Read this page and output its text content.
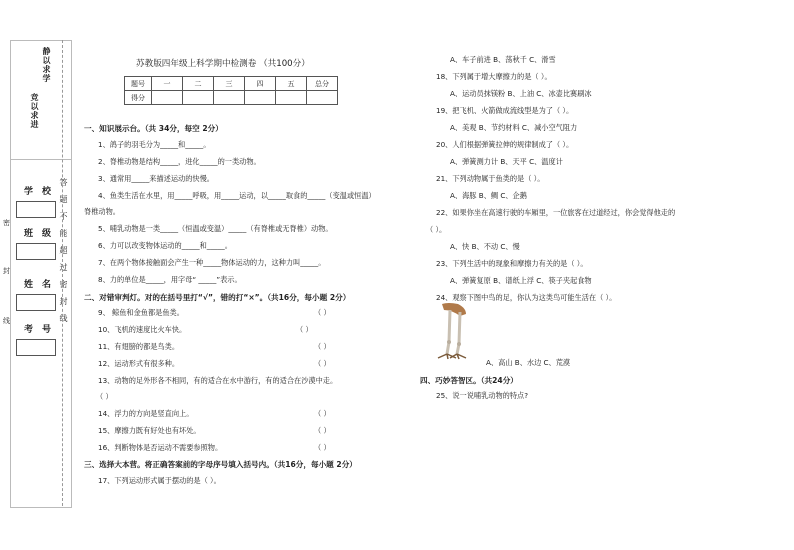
静以求学
竞以求进
学　校
班　级
姓　名
考　号
密
封
线	答题不能超过密封线
苏教版四年级上科学期中检测卷 （共100分）
题号	一	二	三	四	五	总分
得分						
一、知识展示台。（共 34分，每空 2分）
1、鸽子的羽毛分为_____和_____。
2、脊椎动物是结构_____，进化_____的一类动物。
3、通常用_____来描述运动的快慢。
4、鱼类生活在水里，用_____呼吸，用_____运动，以_____取食的_____（变温或恒温）
脊椎动物。
5、哺乳动物是一类_____（恒温或变温）_____（有脊椎或无脊椎）动物。
6、力可以改变物体运动的_____和_____。
7、在两个物体接触面会产生一种_____物体运动的力，这种力叫_____。
8、力的单位是_____，用字母“ _____”表示。
二、对错审判灯。对的在括号里打“√”，错的打“×”。（共16分，每小题 2分）
9、 鲸鱼和金鱼都是鱼类。	（ ）
10、飞机的速度比火车快。	（ ）
11、有翅膀的都是鸟类。	（ ）
12、运动形式有很多种。	（ ）
13、动物的足外形各不相同，有的适合在水中游行，有的适合在沙漠中走。
（ ）
14、浮力的方向是竖直向上。	（ ）
15、摩擦力既有好处也有坏处。	（ ）
16、判断物体是否运动不需要参照物。	（ ）
三、选择大本营。将正确答案前的字母序号填入括号内。（共16分，每小题 2分）
17、下列运动形式属于摆动的是（ ）。
A、车子前进 B、荡秋千 C、滑雪
18、下列属于增大摩擦力的是（ ）。
A、运动员抹镁粉 B、上油 C、冰壶比赛刷冰
19、把飞机、火箭做成流线型是为了（ ）。
A、美观 B、节约材料 C、减小空气阻力
20、人们根据弹簧拉伸的规律制成了（ ）。
A、弹簧测力计 B、天平 C、温度计
21、下列动物属于鱼类的是（ ）。
A、海豚 B、鲷 C、企鹅
22、如果你坐在高速行驶的车厢里，一位旅客在过道经过，你会觉得他走的
（ ）。
A、快 B、不动 C、慢
23、下列生活中的现象和摩擦力有关的是（ ）。
A、弹簧复原 B、谱纸上浮 C、筷子夹起食物
24、观察下图中鸟的足，你认为这类鸟可能生活在（ ）。
A、高山 B、水边 C、荒漠
四、巧妙答智区。（共24分）
25、说一说哺乳动物的特点?
